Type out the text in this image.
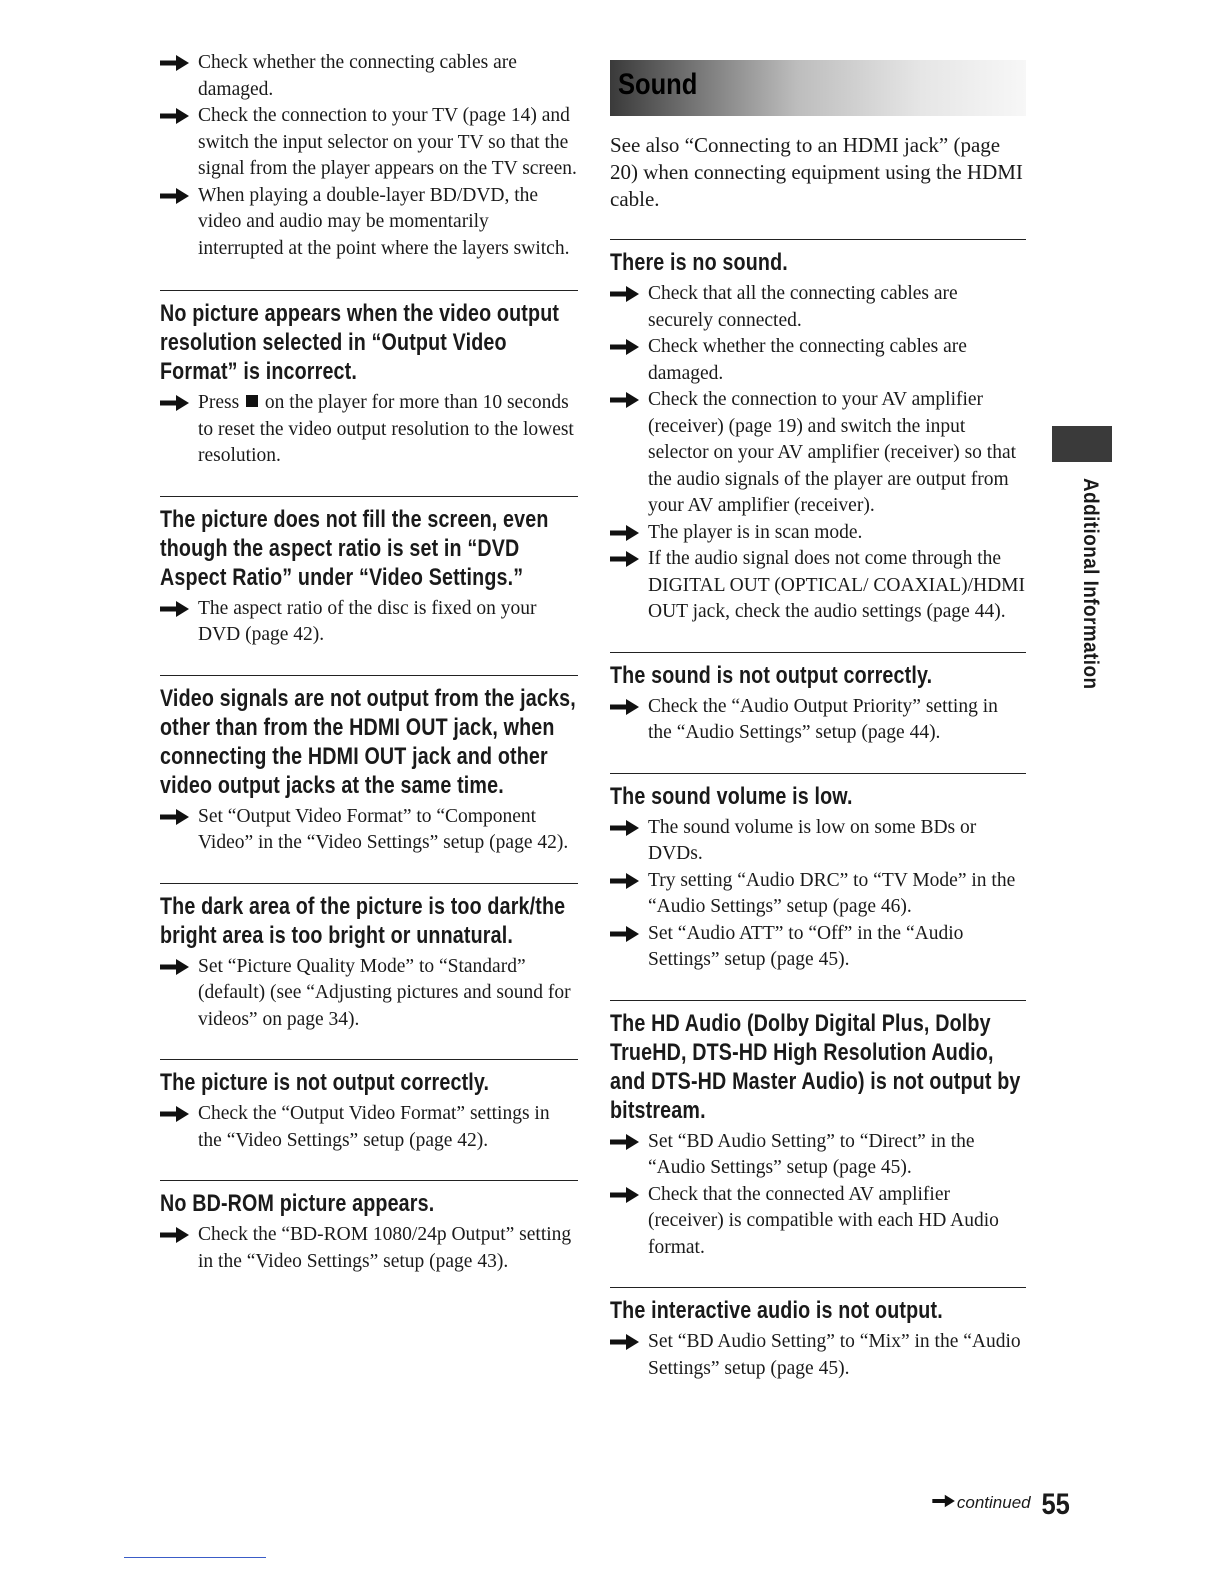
Check whether the connecting cables are damaged.
Check the connection to your TV (page 14) and switch the input selector on your TV so that the signal from the player appears on the TV screen.
When playing a double-layer BD/DVD, the video and audio may be momentarily interrupted at the point where the layers switch.
No picture appears when the video output resolution selected in “Output Video Format” is incorrect.
Press on the player for more than 10 seconds to reset the video output resolution to the lowest resolution.
The picture does not fill the screen, even though the aspect ratio is set in “DVD Aspect Ratio” under “Video Settings.”
The aspect ratio of the disc is fixed on your DVD (page 42).
Video signals are not output from the jacks, other than from the HDMI OUT jack, when connecting the HDMI OUT jack and other video output jacks at the same time.
Set “Output Video Format” to “Component Video” in the “Video Settings” setup (page 42).
The dark area of the picture is too dark/the bright area is too bright or unnatural.
Set “Picture Quality Mode” to “Standard” (default) (see “Adjusting pictures and sound for videos” on page 34).
The picture is not output correctly.
Check the “Output Video Format” settings in the “Video Settings” setup (page 42).
No BD-ROM picture appears.
Check the “BD-ROM 1080/24p Output” setting in the “Video Settings” setup (page 43).
Sound
See also “Connecting to an HDMI jack” (page 20) when connecting equipment using the HDMI cable.
There is no sound.
Check that all the connecting cables are securely connected.
Check whether the connecting cables are damaged.
Check the connection to your AV amplifier (receiver) (page 19) and switch the input selector on your AV amplifier (receiver) so that the audio signals of the player are output from your AV amplifier (receiver).
The player is in scan mode.
If the audio signal does not come through the DIGITAL OUT (OPTICAL/ COAXIAL)/HDMI OUT jack, check the audio settings (page 44).
The sound is not output correctly.
Check the “Audio Output Priority” setting in the “Audio Settings” setup (page 44).
The sound volume is low.
The sound volume is low on some BDs or DVDs.
Try setting “Audio DRC” to “TV Mode” in the “Audio Settings” setup (page 46).
Set “Audio ATT” to “Off” in the “Audio Settings” setup (page 45).
The HD Audio (Dolby Digital Plus, Dolby TrueHD, DTS-HD High Resolution Audio, and DTS-HD Master Audio) is not output by bitstream.
Set “BD Audio Setting” to “Direct” in the “Audio Settings” setup (page 45).
Check that the connected AV amplifier (receiver) is compatible with each HD Audio format.
The interactive audio is not output.
Set “BD Audio Setting” to “Mix” in the “Audio Settings” setup (page 45).
Additional Information
continued 55
